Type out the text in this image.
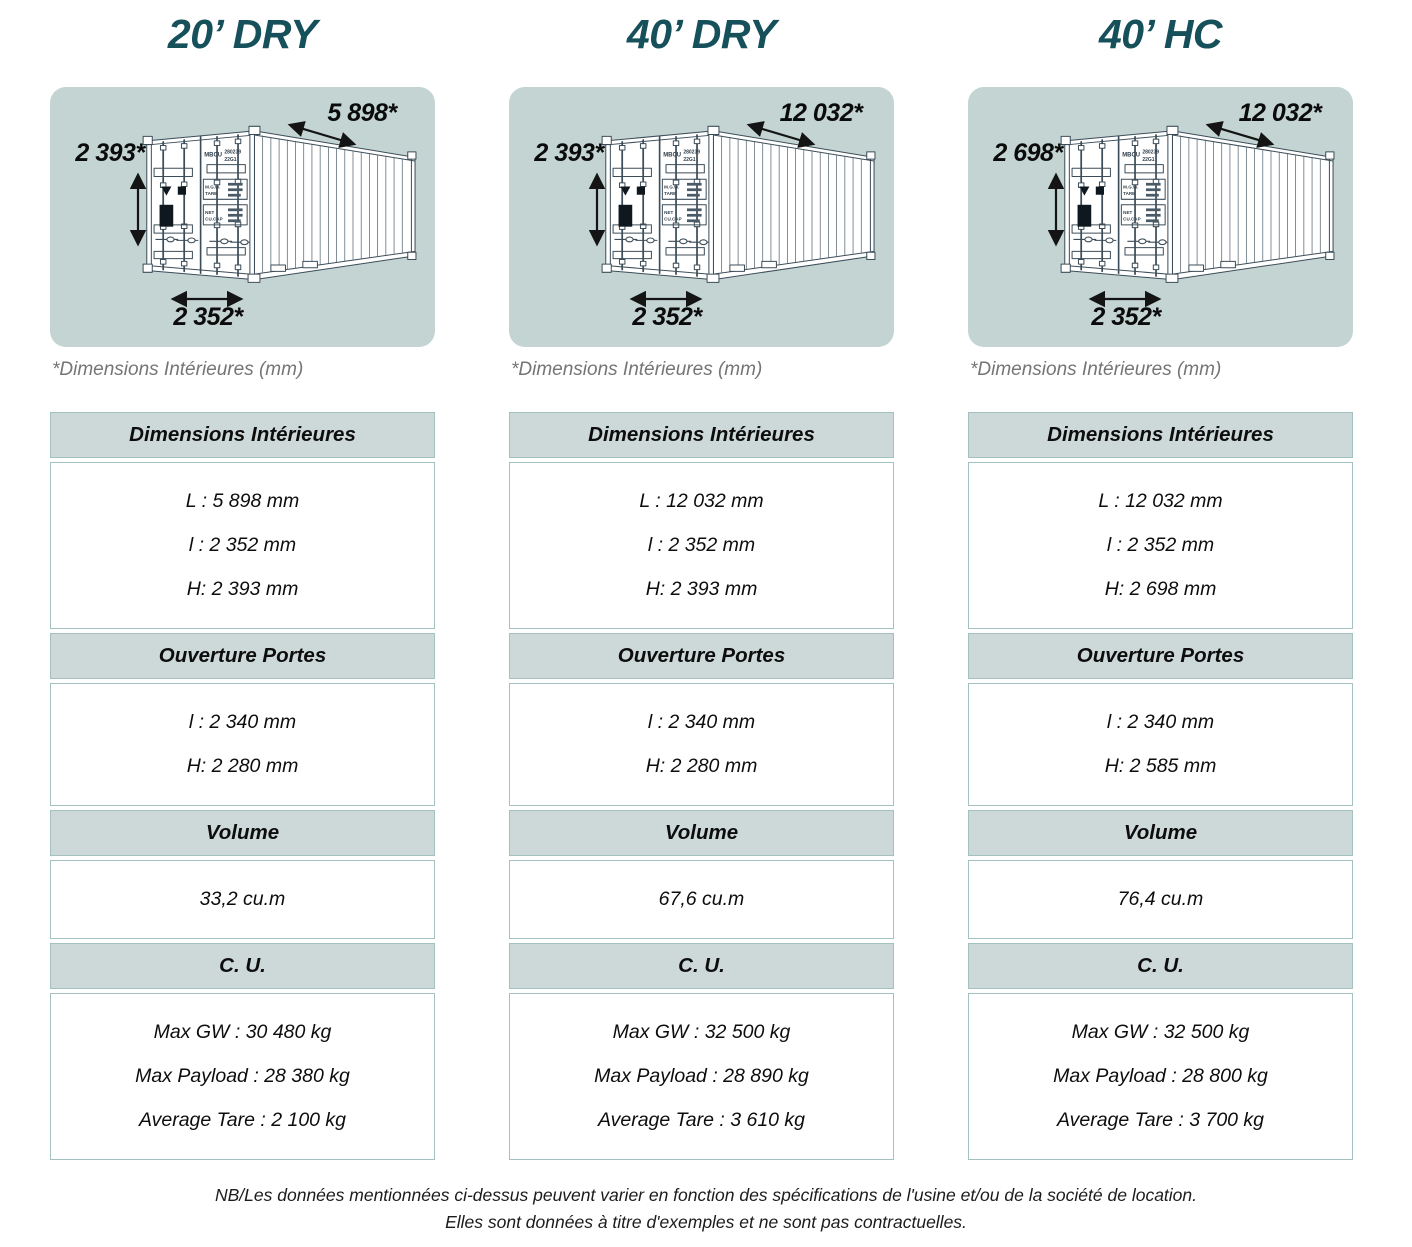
20’ DRY
5 898*
2 393*
2 352*

*Dimensions Intérieures (mm)

Dimensions Intérieures
L : 5 898 mm
l : 2 352 mm
H: 2 393 mm
Ouverture Portes
l : 2 340 mm
H: 2 280 mm
Volume
33,2 cu.m
C. U.
Max GW : 30 480 kg
Max Payload : 28 380 kg
Average Tare : 2 100 kg
40’ DRY
12 032*
2 393*
2 352*

*Dimensions Intérieures (mm)

Dimensions Intérieures
L : 12 032 mm
l : 2 352 mm
H: 2 393 mm
Ouverture Portes
l : 2 340 mm
H: 2 280 mm
Volume
67,6 cu.m
C. U.
Max GW : 32 500 kg
Max Payload : 28 890 kg
Average Tare : 3 610 kg
40’ HC
12 032*
2 698*
2 352*

*Dimensions Intérieures (mm)

Dimensions Intérieures
L : 12 032 mm
l : 2 352 mm
H: 2 698 mm
Ouverture Portes
l : 2 340 mm
H: 2 585 mm
Volume
76,4 cu.m
C. U.
Max GW : 32 500 kg
Max Payload : 28 800 kg
Average Tare : 3 700 kg

NB/Les données mentionnées ci-dessus peuvent varier en fonction des spécifications de l'usine et/ou de la société de location.
Elles sont données à titre d'exemples et ne sont pas contractuelles.
